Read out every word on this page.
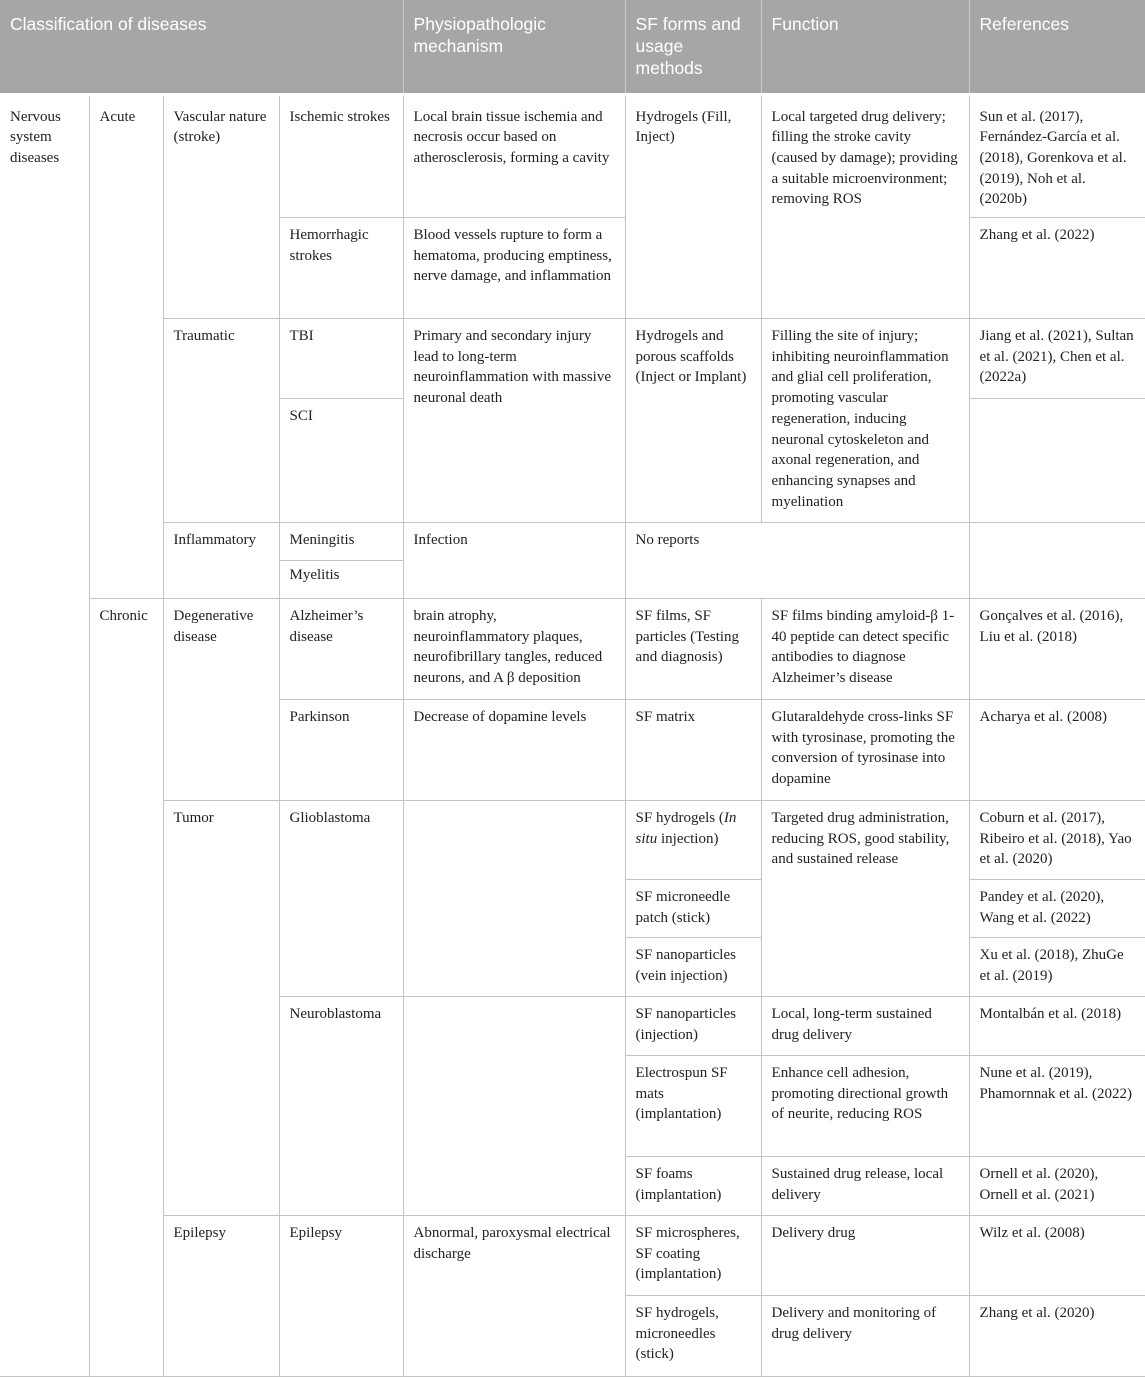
Classification of diseases				Physiopathologic mechanism	SF forms and usage methods	Function	References
Nervous system diseases	Acute	Vascular nature (stroke)	Ischemic strokes	Local brain tissue ischemia and necrosis occur based on atherosclerosis, forming a cavity	Hydrogels (Fill, Inject)	Local targeted drug delivery; filling the stroke cavity (caused by damage); providing a suitable microenvironment; removing ROS	Sun et al. (2017), Fernández-García et al. (2018), Gorenkova et al. (2019), Noh et al. (2020b)
			Hemorrhagic strokes	Blood vessels rupture to form a hematoma, producing emptiness, nerve damage, and inflammation			Zhang et al. (2022)
		Traumatic	TBI	Primary and secondary injury lead to long-term neuroinflammation with massive neuronal death	Hydrogels and porous scaffolds (Inject or Implant)	Filling the site of injury; inhibiting neuroinflammation and glial cell proliferation, promoting vascular regeneration, inducing neuronal cytoskeleton and axonal regeneration, and enhancing synapses and myelination	Jiang et al. (2021), Sultan et al. (2021), Chen et al. (2022a)
			SCI				
		Inflammatory	Meningitis	Infection	No reports		
			Myelitis				
	Chronic	Degenerative disease	Alzheimer’s disease	brain atrophy, neuroinflammatory plaques, neurofibrillary tangles, reduced neurons, and A β deposition	SF films, SF particles (Testing and diagnosis)	SF films binding amyloid-β 1-40 peptide can detect specific antibodies to diagnose Alzheimer’s disease	Gonçalves et al. (2016), Liu et al. (2018)
			Parkinson	Decrease of dopamine levels	SF matrix	Glutaraldehyde cross-links SF with tyrosinase, promoting the conversion of tyrosinase into dopamine	Acharya et al. (2008)
		Tumor	Glioblastoma		SF hydrogels (In situ injection)	Targeted drug administration, reducing ROS, good stability, and sustained release	Coburn et al. (2017), Ribeiro et al. (2018), Yao et al. (2020)
					SF microneedle patch (stick)		Pandey et al. (2020), Wang et al. (2022)
					SF nanoparticles (vein injection)		Xu et al. (2018), ZhuGe et al. (2019)
			Neuroblastoma		SF nanoparticles (injection)	Local, long-term sustained drug delivery	Montalbán et al. (2018)
					Electrospun SF mats (implantation)	Enhance cell adhesion, promoting directional growth of neurite, reducing ROS	Nune et al. (2019), Phamornnak et al. (2022)
					SF foams (implantation)	Sustained drug release, local delivery	Ornell et al. (2020), Ornell et al. (2021)
		Epilepsy	Epilepsy	Abnormal, paroxysmal electrical discharge	SF microspheres, SF coating (implantation)	Delivery drug	Wilz et al. (2008)
					SF hydrogels, microneedles (stick)	Delivery and monitoring of drug delivery	Zhang et al. (2020)
